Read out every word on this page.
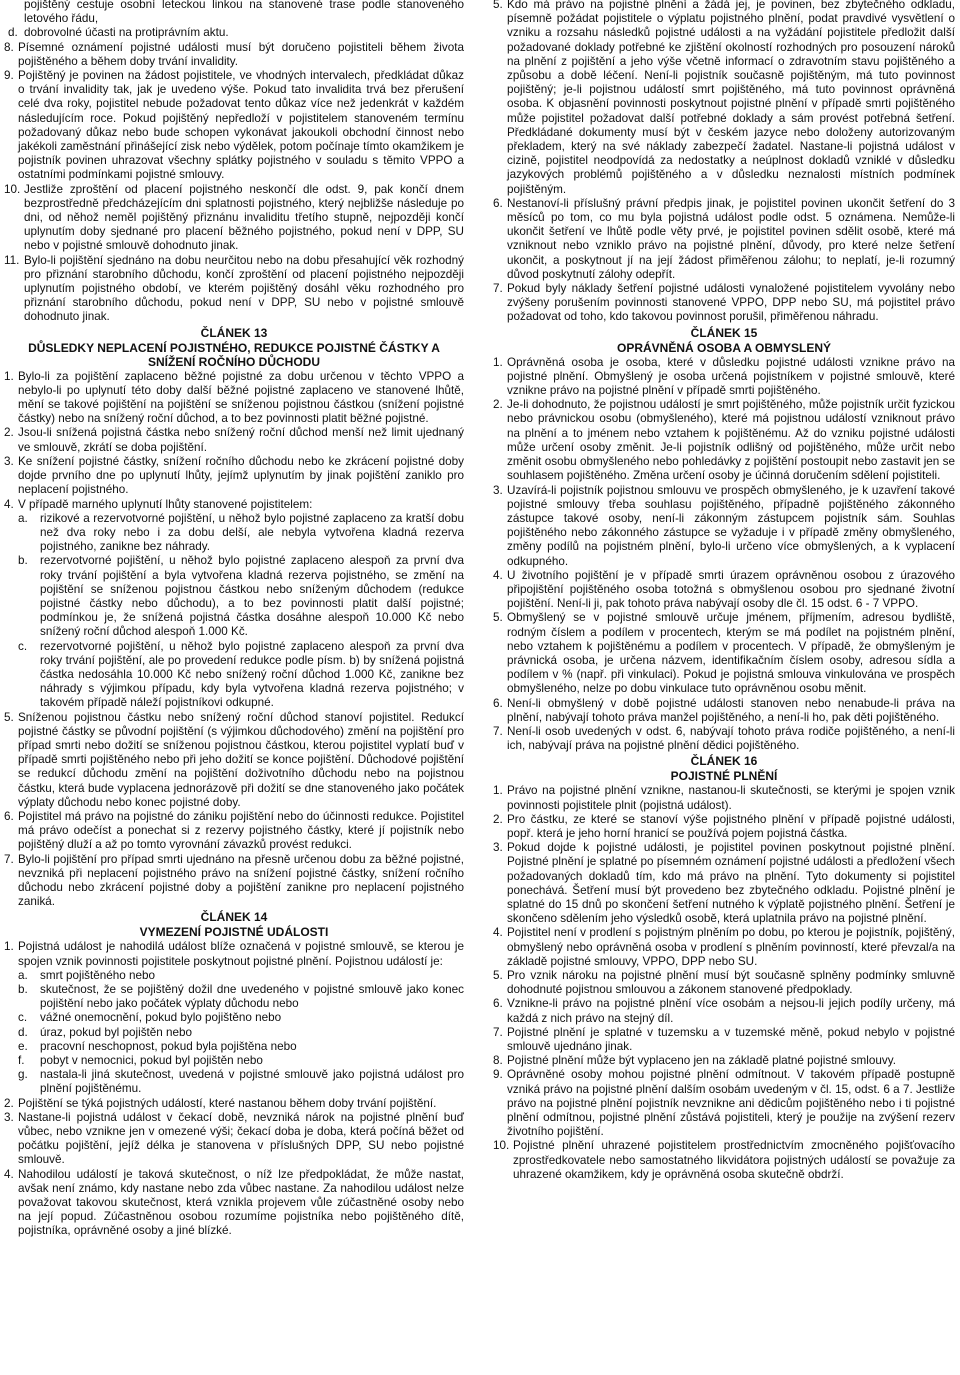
pojištěný cestuje osobní leteckou linkou na stanovené trase podle stanoveného letového řádu,
d. dobrovolné účasti na protiprávním aktu.
8. Písemné oznámení pojistné události musí být doručeno pojistiteli během života pojištěného a během doby trvání invalidity.
9. Pojištěný je povinen na žádost pojistitele, ve vhodných intervalech, předkládat důkaz o trvání invalidity tak, jak je uvedeno výše. Pokud tato invalidita trvá bez přerušení celé dva roky, pojistitel nebude požadovat tento důkaz více než jedenkrát v každém následujícím roce. Pokud pojištěný nepředloží v pojistitelem stanoveném termínu požadovaný důkaz nebo bude schopen vykonávat jakoukoli obchodní činnost nebo jakékoli zaměstnání přinášející zisk nebo výdělek, potom počínaje tímto okamžikem je pojistník povinen uhrazovat všechny splátky pojistného v souladu s těmito VPPO a ostatními podmínkami pojistné smlouvy.
10. Jestliže zproštění od placení pojistného neskončí dle odst. 9, pak končí dnem bezprostředně předcházejícím dni splatnosti pojistného, který nejbližše následuje po dni, od něhož neměl pojištěný přiznánu invaliditu třetího stupně, nejpozději končí uplynutím doby sjednané pro placení běžného pojistného, pokud není v DPP, SU nebo v pojistné smlouvě dohodnuto jinak.
11. Bylo-li pojištění sjednáno na dobu neurčitou nebo na dobu přesahující věk rozhodný pro přiznání starobního důchodu, končí zproštění od placení pojistného nejpozději uplynutím pojistného období, ve kterém pojištěný dosáhl věku rozhodného pro přiznání starobního důchodu, pokud není v DPP, SU nebo v pojistné smlouvě dohodnuto jinak.
ČLÁNEK 13
DŮSLEDKY NEPLACENÍ POJISTNÉHO, REDUKCE POJISTNÉ ČÁSTKY A SNÍŽENÍ ROČNÍHO DŮCHODU
1. Bylo-li za pojištění zaplaceno běžné pojistné za dobu určenou v těchto VPPO a nebylo-li po uplynutí této doby další běžné pojistné zaplaceno ve stanovené lhůtě, mění se takové pojištění na pojištění se sníženou pojistnou částkou (snížení pojistné částky) nebo na snížený roční důchod, a to bez povinnosti platit běžné pojistné.
2. Jsou-li snížená pojistná částka nebo snížený roční důchod menší než limit ujednaný ve smlouvě, zkrátí se doba pojištění.
3. Ke snížení pojistné částky, snížení ročního důchodu nebo ke zkrácení pojistné doby dojde prvního dne po uplynutí lhůty, jejímž uplynutím by jinak pojištění zaniklo pro neplacení pojistného.
4. V případě marného uplynutí lhůty stanovené pojistitelem:
a.	rizikové a rezervotvorné pojištění, u něhož bylo pojistné zaplaceno za kratší dobu než dva roky nebo i za dobu delší, ale nebyla vytvořena kladná rezerva pojistného, zanikne bez náhrady.
b.	rezervotvorné pojištění, u něhož bylo pojistné zaplaceno alespoň za první dva roky trvání pojištění a byla vytvořena kladná rezerva pojistného, se změní na pojištění se sníženou pojistnou částkou nebo sníženým důchodem (redukce pojistné částky nebo důchodu), a to bez povinnosti platit další pojistné; podmínkou je, že snížená pojistná částka dosáhne alespoň 10.000 Kč nebo snížený roční důchod alespoň 1.000 Kč.
c.	rezervotvorné pojištění, u něhož bylo pojistné zaplaceno alespoň za první dva roky trvání pojištění, ale po provedení redukce podle písm. b) by snížená pojistná částka nedosáhla 10.000 Kč nebo snížený roční důchod 1.000 Kč, zanikne bez náhrady s výjimkou případu, kdy byla vytvořena kladná rezerva pojistného; v takovém případě náleží pojistníkovi odkupné.
5. Sníženou pojistnou částku nebo snížený roční důchod stanoví pojistitel. Redukcí pojistné částky se původní pojištění (s výjimkou důchodového) změní na pojištění pro případ smrti nebo dožití se sníženou pojistnou částkou, kterou pojistitel vyplatí buď v případě smrti pojištěného nebo při jeho dožití se konce pojištění. Důchodové pojištění se redukcí důchodu změní na pojištění doživotního důchodu nebo na pojistnou částku, která bude vyplacena jednorázově při dožití se dne stanoveného jako počátek výplaty důchodu nebo konec pojistné doby.
6. Pojistitel má právo na pojistné do zániku pojištění nebo do účinnosti redukce. Pojistitel má právo odečíst a ponechat si z rezervy pojistného částky, které jí pojistník nebo pojištěný dluží a až po tomto vyrovnání závazků provést redukci.
7. Bylo-li pojištění pro případ smrti ujednáno na přesně určenou dobu za běžné pojistné, nevzniká při neplacení pojistného právo na snížení pojistné částky, snížení ročního důchodu nebo zkrácení pojistné doby a pojištění zanikne pro neplacení pojistného zaniká.
ČLÁNEK 14
VYMEZENÍ POJISTNÉ UDÁLOSTI
1. Pojistná událost je nahodilá událost blíže označená v pojistné smlouvě, se kterou je spojen vznik povinnosti pojistitele poskytnout pojistné plnění. Pojistnou událostí je:
a.	smrt pojištěného nebo
b.	skutečnost, že se pojištěný dožil dne uvedeného v pojistné smlouvě jako konec pojištění nebo jako počátek výplaty důchodu nebo
c.	vážné onemocnění, pokud bylo pojištěno nebo
d.	úraz, pokud byl pojištěn nebo
e.	pracovní neschopnost, pokud byla pojištěna nebo
f.	pobyt v nemocnici, pokud byl pojištěn nebo
g.	nastala-li jiná skutečnost, uvedená v pojistné smlouvě jako pojistná událost pro plnění pojištěnému.
2. Pojištění se týká pojistných událostí, které nastanou během doby trvání pojištění.
3. Nastane-li pojistná událost v čekací době, nevzniká nárok na pojistné plnění buď vůbec, nebo vznikne jen v omezené výši; čekací doba je doba, která počíná běžet od počátku pojištění, jejíž délka je stanovena v příslušných DPP, SU nebo pojistné smlouvě.
4. Nahodilou událostí je taková skutečnost, o níž lze předpokládat, že může nastat, avšak není známo, kdy nastane nebo zda vůbec nastane. Za nahodilou událost nelze považovat takovou skutečnost, která vznikla projevem vůle zúčastněné osoby nebo na její popud. Zúčastněnou osobou rozumíme pojistníka nebo pojištěného dítě, pojistníka, oprávněné osoby a jiné blízké.
5. Kdo má právo na pojistné plnění a žádá jej, je povinen, bez zbytečného odkladu, písemně požádat pojistitele o výplatu pojistného plnění, podat pravdivé vysvětlení o vzniku a rozsahu následků pojistné události a na vyžádání pojistitele předložit další požadované doklady potřebné ke zjištění okolností rozhodných pro posouzení nároků na plnění z pojištění a jeho výše včetně informací o zdravotním stavu pojištěného a způsobu a době léčení. Není-li pojistník současně pojištěným, má tuto povinnost pojištěný; je-li pojistnou událostí smrt pojištěného, má tuto povinnost oprávněná osoba. K objasnění povinnosti poskytnout pojistné plnění v případě smrti pojištěného může pojistitel požadovat další potřebné doklady a sám provést potřebná šetření. Předkládané dokumenty musí být v českém jazyce nebo doloženy autorizovaným překladem, který na své náklady zabezpečí žadatel. Nastane-li pojistná událost v cizině, pojistitel neodpovídá za nedostatky a neúplnost dokladů vzniklé v důsledku jazykových problémů pojištěného a v důsledku neznalosti místních podmínek pojištěným.
6. Nestanoví-li příslušný právní předpis jinak, je pojistitel povinen ukončit šetření do 3 měsíců po tom, co mu byla pojistná událost podle odst. 5 oznámena. Nemůže-li ukončit šetření ve lhůtě podle věty prvé, je pojistitel povinen sdělit osobě, které má vzniknout nebo vzniklo právo na pojistné plnění, důvody, pro které nelze šetření ukončit, a poskytnout jí na její žádost přiměřenou zálohu; to neplatí, je-li rozumný důvod poskytnutí zálohy odepřít.
7. Pokud byly náklady šetření pojistné události vynaložené pojistitelem vyvolány nebo zvýšeny porušením povinnosti stanovené VPPO, DPP nebo SU, má pojistitel právo požadovat od toho, kdo takovou povinnost porušil, přiměřenou náhradu.
ČLÁNEK 15
OPRÁVNĚNÁ OSOBA A OBMYSLENÝ
1. Oprávněná osoba je osoba, které v důsledku pojistné události vznikne právo na pojistné plnění. Obmyšlený je osoba určená pojistníkem v pojistné smlouvě, které vznikne právo na pojistné plnění v případě smrti pojištěného.
2. Je-li dohodnuto, že pojistnou událostí je smrt pojištěného, může pojistník určit fyzickou nebo právnickou osobu (obmyšleného), které má pojistnou událostí vzniknout právo na plnění a to jménem nebo vztahem k pojištěnému. Až do vzniku pojistné události může určení osoby změnit. Je-li pojistník odlišný od pojištěného, může určit nebo změnit osobu obmyšleného nebo pohledávky z pojištění postoupit nebo zastavit jen se souhlasem pojištěného. Změna určení osoby je účinná doručením sdělení pojistiteli.
3. Uzavírá-li pojistník pojistnou smlouvu ve prospěch obmyšleného, je k uzavření takové pojistné smlouvy třeba souhlasu pojištěného, případně pojištěného zákonného zástupce takové osoby, není-li zákonným zástupcem pojistník sám. Souhlas pojištěného nebo zákonného zástupce se vyžaduje i v případě změny obmyšleného, změny podílů na pojistném plnění, bylo-li určeno více obmyšlených, a k vyplacení odkupného.
4. U životního pojištění je v případě smrti úrazem oprávněnou osobou z úrazového připojištění pojištěného osoba totožná s obmyšlenou osobou pro sjednané životní pojištění. Není-li ji, pak tohoto práva nabývají osoby dle čl. 15 odst. 6 - 7 VPPO.
5. Obmyšlený se v pojistné smlouvě určuje jménem, příjmením, adresou bydliště, rodným číslem a podílem v procentech, kterým se má podílet na pojistném plnění, nebo vztahem k pojištěnému a podílem v procentech. V případě, že obmyšleným je právnická osoba, je určena názvem, identifikačním číslem osoby, adresou sídla a podílem v % (např. při vinkulaci). Pokud je pojistná smlouva vinkulována ve prospěch obmyšleného, nelze po dobu vinkulace tuto oprávněnou osobu měnit.
6. Není-li obmyšlený v době pojistné události stanoven nebo nenabude-li práva na plnění, nabývají tohoto práva manžel pojištěného, a není-li ho, pak děti pojištěného.
7. Není-li osob uvedených v odst. 6, nabývají tohoto práva rodiče pojištěného, a není-li ich, nabývají práva na pojistné plnění dědici pojištěného.
ČLÁNEK 16
POJISTNÉ PLNĚNÍ
1. Právo na pojistné plnění vznikne, nastanou-li skutečnosti, se kterými je spojen vznik povinnosti pojistitele plnit (pojistná událost).
2. Pro částku, ze které se stanoví výše pojistného plnění v případě pojistné události, popř. která je jeho horní hranicí se používá pojem pojistná částka.
3. Pokud dojde k pojistné události, je pojistitel povinen poskytnout pojistné plnění. Pojistné plnění je splatné po písemném oznámení pojistné události a předložení všech požadovaných dokladů tím, kdo má právo na plnění. Tyto dokumenty si pojistitel ponechává. Šetření musí být provedeno bez zbytečného odkladu. Pojistné plnění je splatné do 15 dnů po skončení šetření nutného k výplatě pojistného plnění. Šetření je skončeno sdělením jeho výsledků osobě, která uplatnila právo na pojistné plnění.
4. Pojistitel není v prodlení s pojistným plněním po dobu, po kterou je pojistník, pojištěný, obmyšlený nebo oprávněná osoba v prodlení s plněním povinností, které převzal/a na základě pojistné smlouvy, VPPO, DPP nebo SU.
5. Pro vznik nároku na pojistné plnění musí být současně splněny podmínky smluvně dohodnuté pojistnou smlouvou a zákonem stanovené předpoklady.
6. Vznikne-li právo na pojistné plnění více osobám a nejsou-li jejich podíly určeny, má každá z nich právo na stejný díl.
7. Pojistné plnění je splatné v tuzemsku a v tuzemské měně, pokud nebylo v pojistné smlouvě ujednáno jinak.
8. Pojistné plnění může být vyplaceno jen na základě platné pojistné smlouvy.
9. Oprávněné osoby mohou pojistné plnění odmítnout. V takovém případě postupně vzniká právo na pojistné plnění dalším osobám uvedeným v čl. 15, odst. 6 a 7. Jestliže právo na pojistné plnění pojistník nevznikne ani dědicům pojištěného nebo i ti pojistné plnění odmítnou, pojistné plnění zůstává pojistiteli, který je použije na zvýšení rezerv životního pojištění.
10. Pojistné plnění uhrazené pojistitelem prostřednictvím zmocněného pojišťovacího zprostředkovatele nebo samostatného likvidátora pojistných událostí se považuje za uhrazené okamžikem, kdy je oprávněná osoba skutečně obdrží.
